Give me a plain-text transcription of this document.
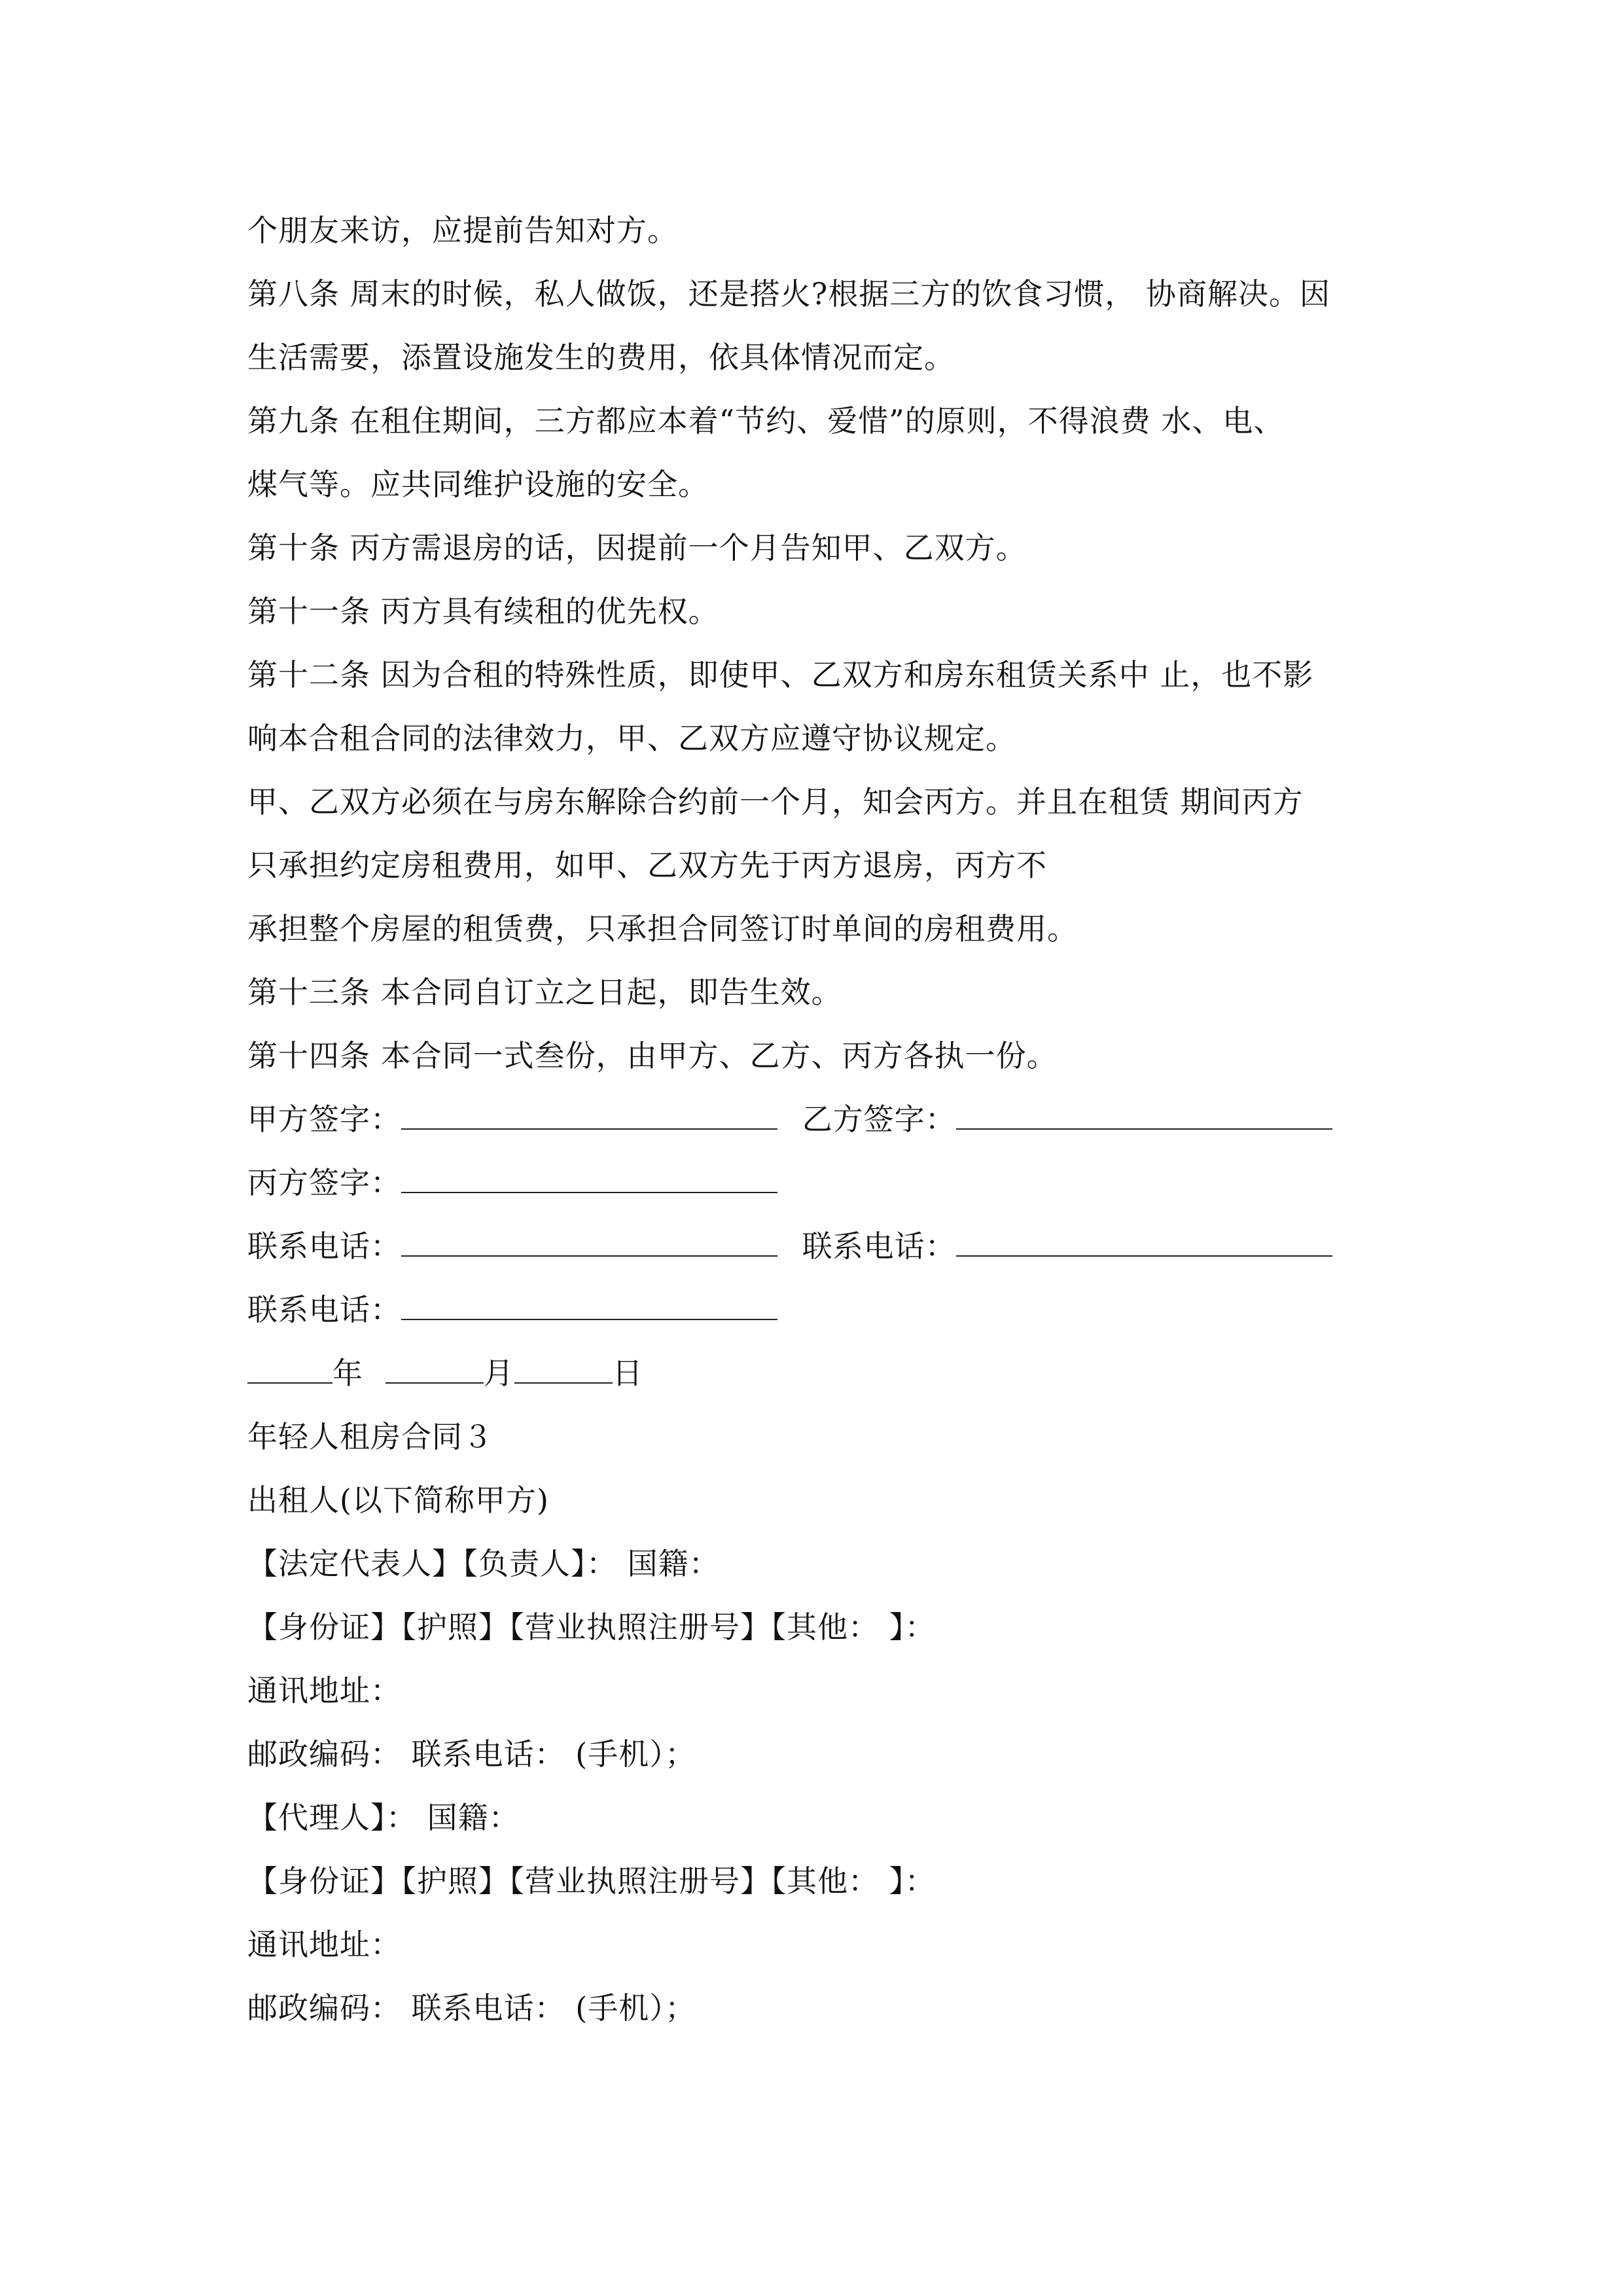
个朋友来访，应提前告知对方。
第八条 周末的时候，私人做饭，还是搭火?根据三方的饮食习惯， 协商解决。因
生活需要，添置设施发生的费用，依具体情况而定。
第九条 在租住期间，三方都应本着“节约、爱惜”的原则，不得浪费 水、电、
煤气等。应共同维护设施的安全。
第十条 丙方需退房的话，因提前一个月告知甲、乙双方。
第十一条 丙方具有续租的优先权。
第十二条 因为合租的特殊性质，即使甲、乙双方和房东租赁关系中 止，也不影
响本合租合同的法律效力，甲、乙双方应遵守协议规定。
甲、乙双方必须在与房东解除合约前一个月，知会丙方。并且在租赁 期间丙方
只承担约定房租费用，如甲、乙双方先于丙方退房，丙方不
承担整个房屋的租赁费，只承担合同签订时单间的房租费用。
第十三条 本合同自订立之日起，即告生效。
第十四条 本合同一式叁份，由甲方、乙方、丙方各执一份。
甲方签字：	乙方签字：
丙方签字：
联系电话：	联系电话：
联系电话：
年	月	日
年轻人租房合同３
出租人(以下简称甲方)
【法定代表人】【负责人】： 国籍：
【身份证】【护照】【营业执照注册号】【其他： 】：
通讯地址：
邮政编码： 联系电话： (手机）；
【代理人】： 国籍：
【身份证】【护照】【营业执照注册号】【其他： 】：
通讯地址：
邮政编码： 联系电话： (手机）；
